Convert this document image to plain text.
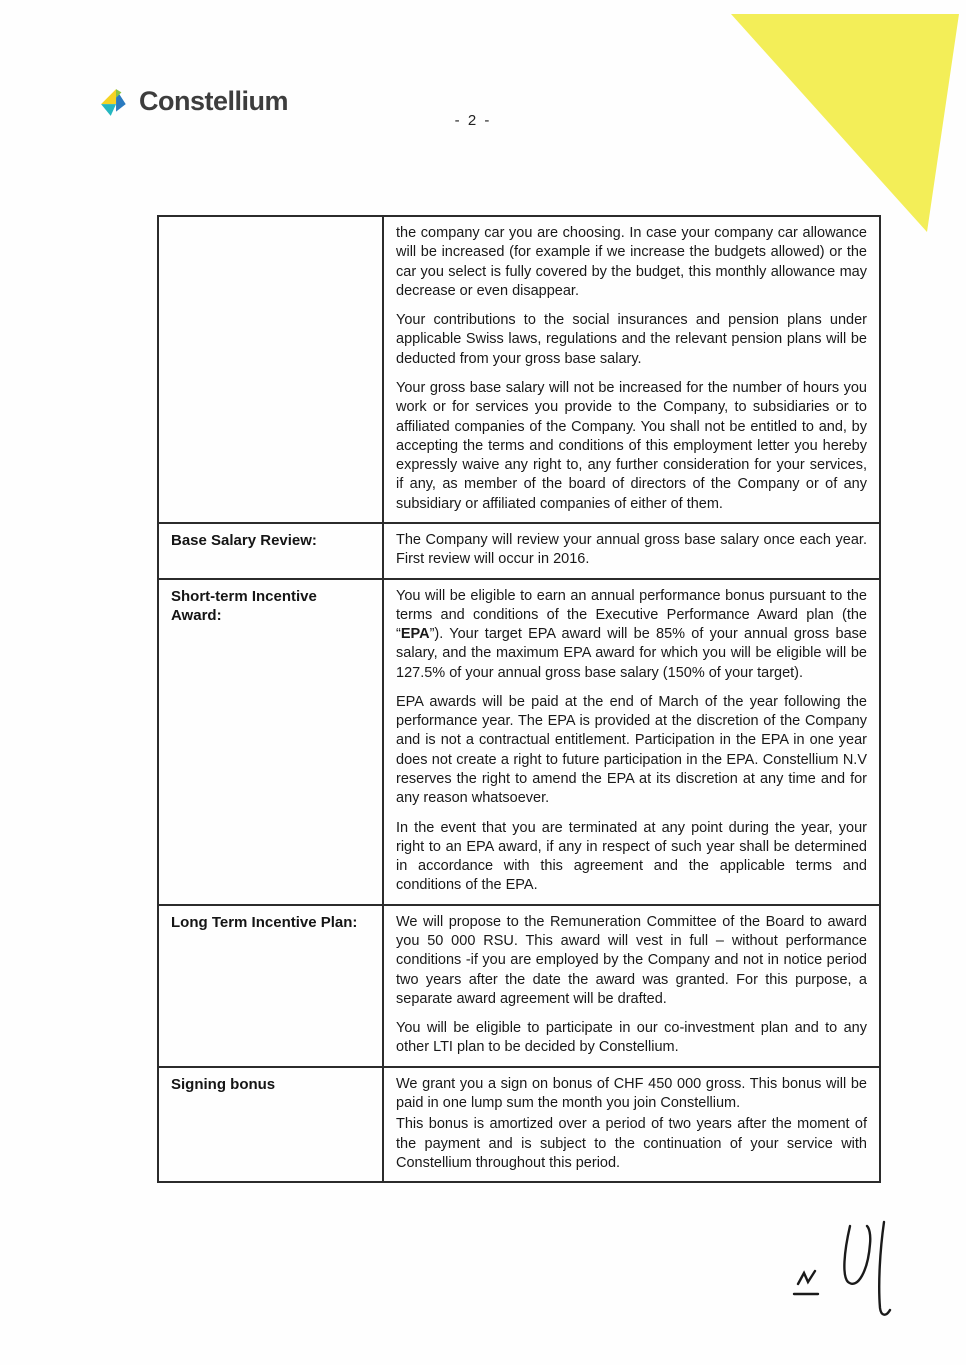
Constellium
- 2 -

	the company car you are choosing. In case your company car allowance will be increased (for example if we increase the budgets allowed) or the car you select is fully covered by the budget, this monthly allowance may decrease or even disappear.

Your contributions to the social insurances and pension plans under applicable Swiss laws, regulations and the relevant pension plans will be deducted from your gross base salary.

Your gross base salary will not be increased for the number of hours you work or for services you provide to the Company, to subsidiaries or to affiliated companies of the Company. You shall not be entitled to and, by accepting the terms and conditions of this employment letter you hereby expressly waive any right to, any further consideration for your services, if any, as member of the board of directors of the Company or of any subsidiary or affiliated companies of either of them.

Base Salary Review:	The Company will review your annual gross base salary once each year. First review will occur in 2016.

Short-term Incentive Award:	You will be eligible to earn an annual performance bonus pursuant to the terms and conditions of the Executive Performance Award plan (the “EPA”). Your target EPA award will be 85% of your annual gross base salary, and the maximum EPA award for which you will be eligible will be 127.5% of your annual gross base salary (150% of your target).

EPA awards will be paid at the end of March of the year following the performance year. The EPA is provided at the discretion of the Company and is not a contractual entitlement. Participation in the EPA in one year does not create a right to future participation in the EPA. Constellium N.V reserves the right to amend the EPA at its discretion at any time and for any reason whatsoever.

In the event that you are terminated at any point during the year, your right to an EPA award, if any in respect of such year shall be determined in accordance with this agreement and the applicable terms and conditions of the EPA.

Long Term Incentive Plan:	We will propose to the Remuneration Committee of the Board to award you 50 000 RSU. This award will vest in full – without performance conditions -if you are employed by the Company and not in notice period two years after the date the award was granted. For this purpose, a separate award agreement will be drafted.

You will be eligible to participate in our co-investment plan and to any other LTI plan to be decided by Constellium.

Signing bonus	We grant you a sign on bonus of CHF 450 000 gross. This bonus will be paid in one lump sum the month you join Constellium.

This bonus is amortized over a period of two years after the moment of the payment and is subject to the continuation of your service with Constellium throughout this period.
